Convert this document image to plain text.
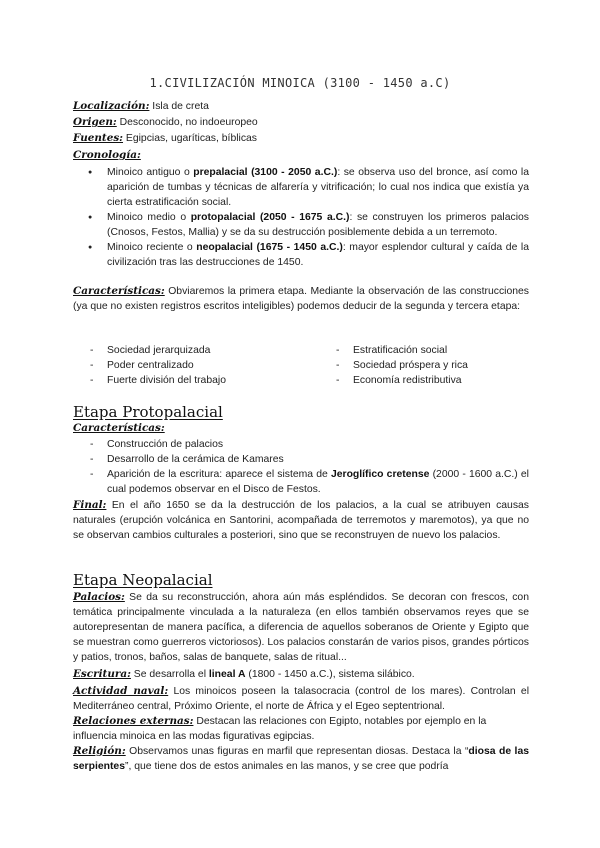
1.CIVILIZACIÓN MINOICA (3100 - 1450 a.C)
Localización: Isla de creta
Origen: Desconocido, no indoeuropeo
Fuentes: Egipcias, ugaríticas, bíblicas
Cronología:
● Minoico antiguo o prepalacial (3100 - 2050 a.C.): se observa uso del bronce, así como la aparición de tumbas y técnicas de alfarería y vitrificación; lo cual nos indica que existía ya cierta estratificación social.
● Minoico medio o protopalacial (2050 - 1675 a.C.): se construyen los primeros palacios (Cnosos, Festos, Mallia) y se da su destrucción posiblemente debida a un terremoto.
● Minoico reciente o neopalacial (1675 - 1450 a.C.): mayor esplendor cultural y caída de la civilización tras las destrucciones de 1450.
Características: Obviaremos la primera etapa. Mediante la observación de las construcciones (ya que no existen registros escritos inteligibles) podemos deducir de la segunda y tercera etapa:
- Sociedad jerarquizada
- Poder centralizado
- Fuerte división del trabajo
- Estratificación social
- Sociedad próspera y rica
- Economía redistributiva
Etapa Protopalacial
Características:
- Construcción de palacios
- Desarrollo de la cerámica de Kamares
- Aparición de la escritura: aparece el sistema de Jeroglífico cretense (2000 - 1600 a.C.) el cual podemos observar en el Disco de Festos.
Final: En el año 1650 se da la destrucción de los palacios, a la cual se atribuyen causas naturales (erupción volcánica en Santorini, acompañada de terremotos y maremotos), ya que no se observan cambios culturales a posteriori, sino que se reconstruyen de nuevo los palacios.
Etapa Neopalacial
Palacios: Se da su reconstrucción, ahora aún más espléndidos. Se decoran con frescos, con temática principalmente vinculada a la naturaleza (en ellos también observamos reyes que se autorepresentan de manera pacífica, a diferencia de aquellos soberanos de Oriente y Egipto que se muestran como guerreros victoriosos). Los palacios constarán de varios pisos, grandes pórticos y patios, tronos, baños, salas de banquete, salas de ritual...
Escritura: Se desarrolla el lineal A (1800 - 1450 a.C.), sistema silábico.
Actividad naval: Los minoicos poseen la talasocracia (control de los mares). Controlan el Mediterráneo central, Próximo Oriente, el norte de África y el Egeo septentrional.
Relaciones externas: Destacan las relaciones con Egipto, notables por ejemplo en la influencia minoica en las modas figurativas egipcias.
Religión: Observamos unas figuras en marfil que representan diosas. Destaca la “diosa de las serpientes”, que tiene dos de estos animales en las manos, y se cree que podría
